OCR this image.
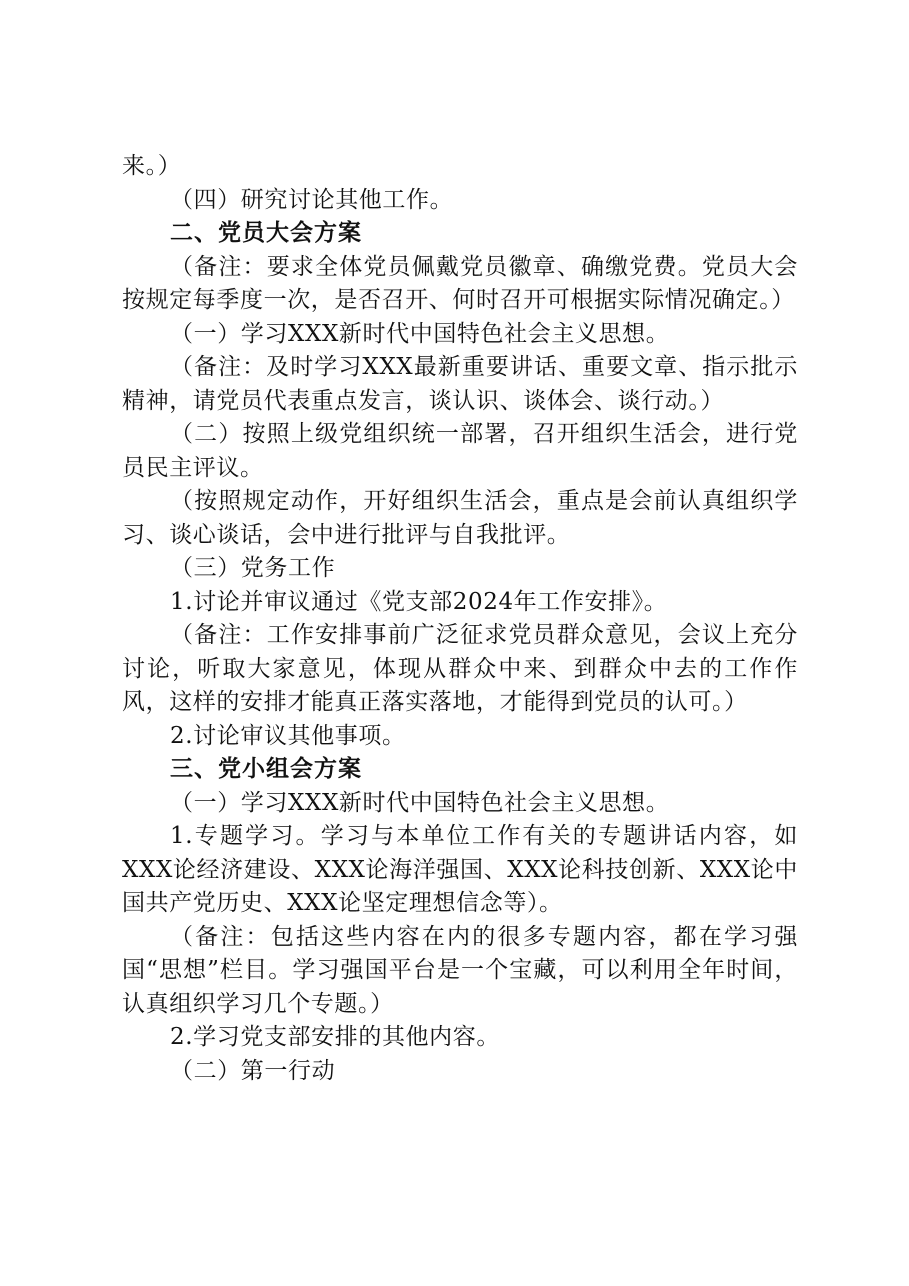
来。）

（四）研究讨论其他工作。

二、党员大会方案

（备注：要求全体党员佩戴党员徽章、确缴党费。党员大会按规定每季度一次，是否召开、何时召开可根据实际情况确定。）

（一）学习XXX新时代中国特色社会主义思想。

（备注：及时学习XXX最新重要讲话、重要文章、指示批示精神，请党员代表重点发言，谈认识、谈体会、谈行动。）

（二）按照上级党组织统一部署，召开组织生活会，进行党员民主评议。

（按照规定动作，开好组织生活会，重点是会前认真组织学习、谈心谈话，会中进行批评与自我批评。

（三）党务工作

1.讨论并审议通过《党支部2024年工作安排》。

（备注：工作安排事前广泛征求党员群众意见，会议上充分讨论，听取大家意见，体现从群众中来、到群众中去的工作作风，这样的安排才能真正落实落地，才能得到党员的认可。）

2.讨论审议其他事项。

三、党小组会方案

（一）学习XXX新时代中国特色社会主义思想。

1.专题学习。学习与本单位工作有关的专题讲话内容，如XXX论经济建设、XXX论海洋强国、XXX论科技创新、XXX论中国共产党历史、XXX论坚定理想信念等）。

（备注：包括这些内容在内的很多专题内容，都在学习强国“思想”栏目。学习强国平台是一个宝藏，可以利用全年时间，认真组织学习几个专题。）

2.学习党支部安排的其他内容。

（二）第一行动
